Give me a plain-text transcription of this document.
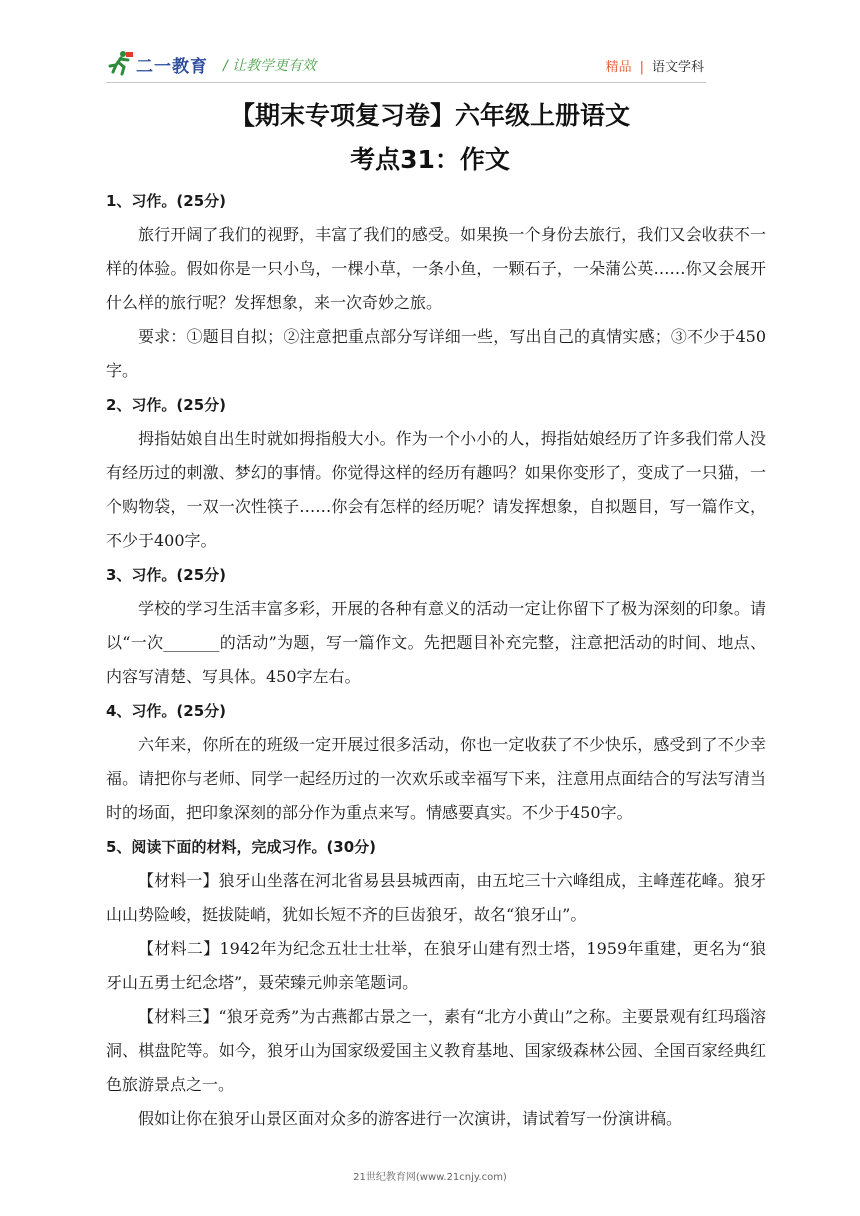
二一教育 / 让教学更有效	精品 | 语文学科
【期末专项复习卷】六年级上册语文
考点31：作文

1、习作。(25分)

旅行开阔了我们的视野，丰富了我们的感受。如果换一个身份去旅行，我们又会收获不一样的体验。假如你是一只小鸟，一棵小草，一条小鱼，一颗石子，一朵蒲公英……你又会展开什么样的旅行呢？发挥想象，来一次奇妙之旅。

要求：①题目自拟；②注意把重点部分写详细一些，写出自己的真情实感；③不少于450字。

2、习作。(25分)

拇指姑娘自出生时就如拇指般大小。作为一个小小的人，拇指姑娘经历了许多我们常人没有经历过的刺激、梦幻的事情。你觉得这样的经历有趣吗？如果你变形了，变成了一只猫，一个购物袋，一双一次性筷子……你会有怎样的经历呢？请发挥想象，自拟题目，写一篇作文，不少于400字。

3、习作。(25分)

学校的学习生活丰富多彩，开展的各种有意义的活动一定让你留下了极为深刻的印象。请以“一次_______的活动”为题，写一篇作文。先把题目补充完整，注意把活动的时间、地点、内容写清楚、写具体。450字左右。

4、习作。(25分)

六年来，你所在的班级一定开展过很多活动，你也一定收获了不少快乐，感受到了不少幸福。请把你与老师、同学一起经历过的一次欢乐或幸福写下来，注意用点面结合的写法写清当时的场面，把印象深刻的部分作为重点来写。情感要真实。不少于450字。

5、阅读下面的材料，完成习作。(30分)

【材料一】狼牙山坐落在河北省易县县城西南，由五坨三十六峰组成，主峰莲花峰。狼牙山山势险峻，挺拔陡峭，犹如长短不齐的巨齿狼牙，故名“狼牙山”。

【材料二】1942年为纪念五壮士壮举，在狼牙山建有烈士塔，1959年重建，更名为“狼牙山五勇士纪念塔”，聂荣臻元帅亲笔题词。

【材料三】“狼牙竞秀”为古燕都古景之一，素有“北方小黄山”之称。主要景观有红玛瑙溶洞、棋盘陀等。如今，狼牙山为国家级爱国主义教育基地、国家级森林公园、全国百家经典红色旅游景点之一。

假如让你在狼牙山景区面对众多的游客进行一次演讲，请试着写一份演讲稿。

21世纪教育网(www.21cnjy.com)
